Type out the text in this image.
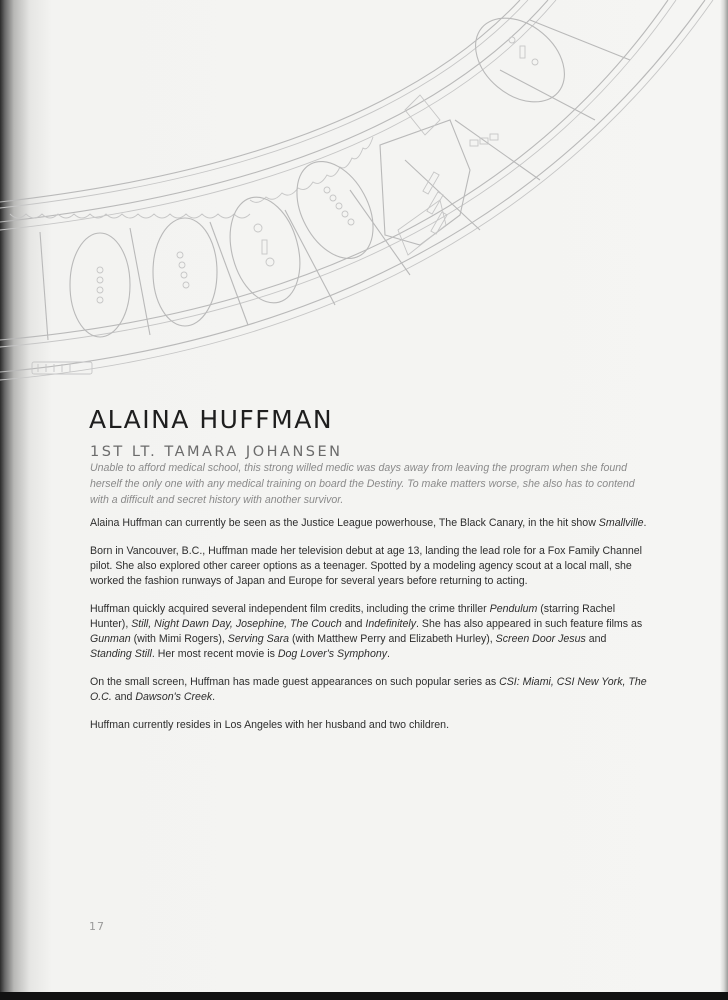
ALAINA HUFFMAN
1ST LT. TAMARA JOHANSEN

Unable to afford medical school, this strong willed medic was days away from leaving the program when she found herself the only one with any medical training on board the Destiny. To make matters worse, she also has to contend with a difficult and secret history with another survivor.

Alaina Huffman can currently be seen as the Justice League powerhouse, The Black Canary, in the hit show Smallville.

Born in Vancouver, B.C., Huffman made her television debut at age 13, landing the lead role for a Fox Family Channel pilot. She also explored other career options as a teenager. Spotted by a modeling agency scout at a local mall, she worked the fashion runways of Japan and Europe for several years before returning to acting.

Huffman quickly acquired several independent film credits, including the crime thriller Pendulum (starring Rachel Hunter), Still, Night Dawn Day, Josephine, The Couch and Indefinitely. She has also appeared in such feature films as Gunman (with Mimi Rogers), Serving Sara (with Matthew Perry and Elizabeth Hurley), Screen Door Jesus and Standing Still. Her most recent movie is Dog Lover's Symphony.

On the small screen, Huffman has made guest appearances on such popular series as CSI: Miami, CSI New York, The O.C. and Dawson's Creek.

Huffman currently resides in Los Angeles with her husband and two children.

17
